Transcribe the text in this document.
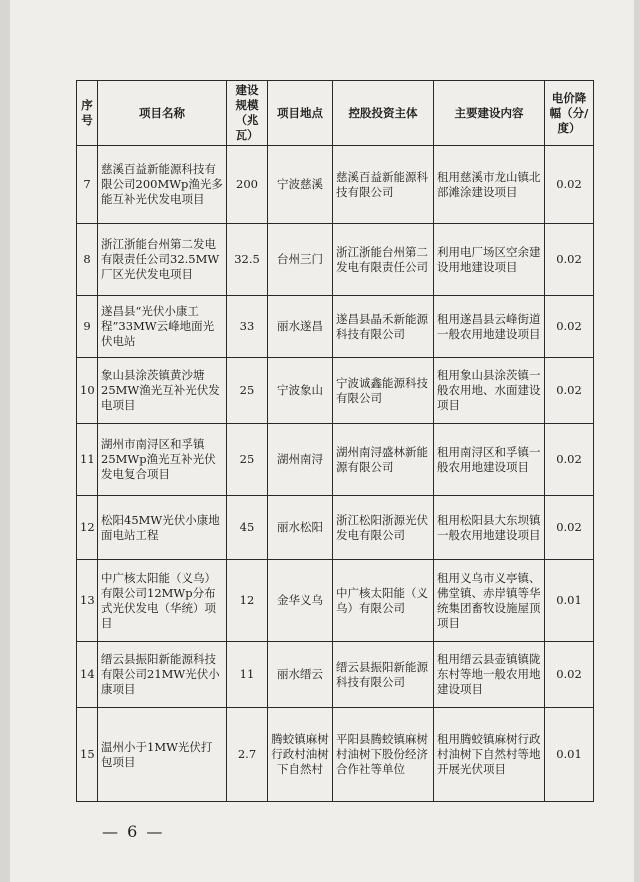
序号	项目名称	建设规模（兆瓦）	项目地点	控股投资主体	主要建设内容	电价降幅（分/度）
7	慈溪百益新能源科技有限公司200MWp渔光多能互补光伏发电项目	200	宁波慈溪	慈溪百益新能源科技有限公司	租用慈溪市龙山镇北部滩涂建设项目	0.02
8	浙江浙能台州第二发电有限责任公司32.5MW厂区光伏发电项目	32.5	台州三门	浙江浙能台州第二发电有限责任公司	利用电厂场区空余建设用地建设项目	0.02
9	遂昌县“光伏小康工程”33MW云峰地面光伏电站	33	丽水遂昌	遂昌县晶禾新能源科技有限公司	租用遂昌县云峰街道一般农用地建设项目	0.02
10	象山县涂茨镇黄沙塘25MW渔光互补光伏发电项目	25	宁波象山	宁波诚鑫能源科技有限公司	租用象山县涂茨镇一般农用地、水面建设项目	0.02
11	湖州市南浔区和孚镇25MWp渔光互补光伏发电复合项目	25	湖州南浔	湖州南浔盛林新能源有限公司	租用南浔区和孚镇一般农用地建设项目	0.02
12	松阳45MW光伏小康地面电站工程	45	丽水松阳	浙江松阳浙源光伏发电有限公司	租用松阳县大东坝镇一般农用地建设项目	0.02
13	中广核太阳能（义乌）有限公司12MWp分布式光伏发电（华统）项目	12	金华义乌	中广核太阳能（义乌）有限公司	租用义乌市义亭镇、佛堂镇、赤岸镇等华统集团畜牧设施屋顶项目	0.01
14	缙云县振阳新能源科技有限公司21MW光伏小康项目	11	丽水缙云	缙云县振阳新能源科技有限公司	租用缙云县壶镇镇陇东村等地一般农用地建设项目	0.02
15	温州小于1MW光伏打包项目	2.7	腾蛟镇麻树行政村油树下自然村	平阳县腾蛟镇麻树村油树下股份经济合作社等单位	租用腾蛟镇麻树行政村油树下自然村等地开展光伏项目	0.01
— 6 —
